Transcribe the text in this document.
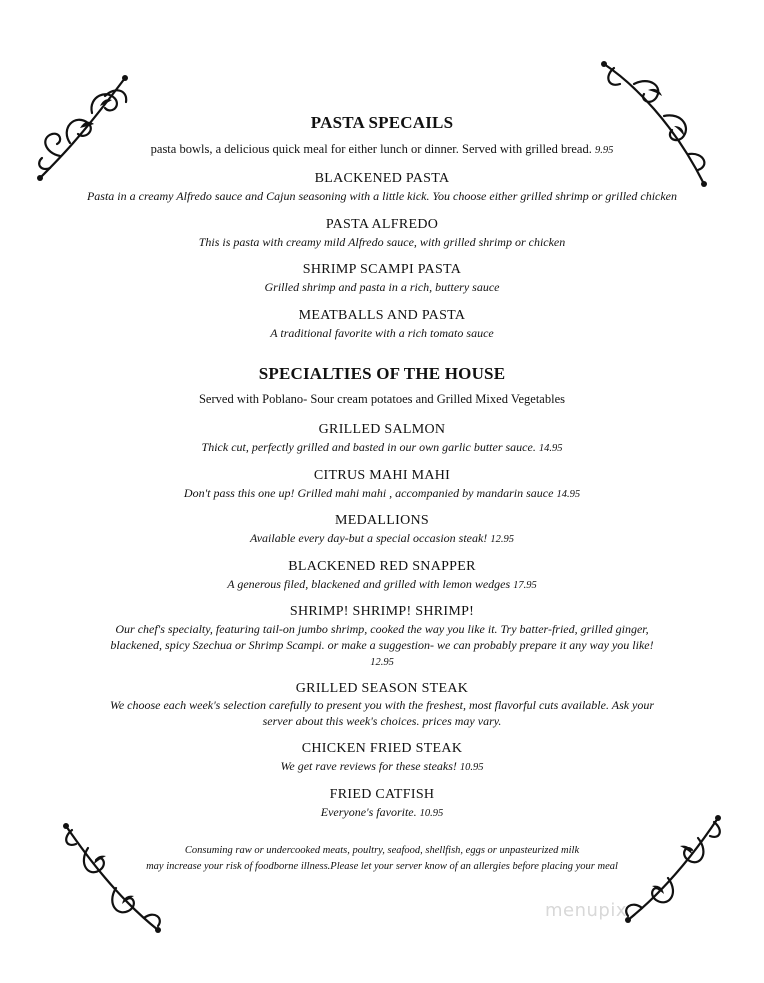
PASTA SPECAILS
pasta bowls, a delicious quick meal for either lunch or dinner. Served with grilled bread. 9.95
BLACKENED PASTA
Pasta in a creamy Alfredo sauce and Cajun seasoning with a little kick. You choose either grilled shrimp or grilled chicken
PASTA ALFREDO
This is pasta with creamy mild Alfredo sauce, with grilled shrimp or chicken
SHRIMP SCAMPI PASTA
Grilled shrimp and pasta in a rich, buttery sauce
MEATBALLS AND PASTA
A traditional favorite with a rich tomato sauce
SPECIALTIES OF THE HOUSE
Served with Poblano- Sour cream potatoes and Grilled Mixed Vegetables
GRILLED SALMON
Thick cut, perfectly grilled and basted in our own garlic butter sauce. 14.95
CITRUS MAHI MAHI
Don't pass this one up! Grilled mahi mahi , accompanied by mandarin sauce 14.95
MEDALLIONS
Available every day-but a special occasion steak! 12.95
BLACKENED RED SNAPPER
A generous filed, blackened and grilled with lemon wedges 17.95
SHRIMP! SHRIMP! SHRIMP!
Our chef's specialty, featuring tail-on jumbo shrimp, cooked the way you like it. Try batter-fried, grilled ginger,
blackened, spicy Szechua or Shrimp Scampi. or make a suggestion- we can probably prepare it any way you like!
12.95
GRILLED SEASON STEAK
We choose each week's selection carefully to present you with the freshest, most flavorful cuts available. Ask your
server about this week's choices. prices may vary.
CHICKEN FRIED STEAK
We get rave reviews for these steaks! 10.95
FRIED CATFISH
Everyone's favorite. 10.95
Consuming raw or undercooked meats, poultry, seafood, shellfish, eggs or unpasteurized milk
may increase your risk of foodborne illness.Please let your server know of an allergies before placing your meal
menupix
